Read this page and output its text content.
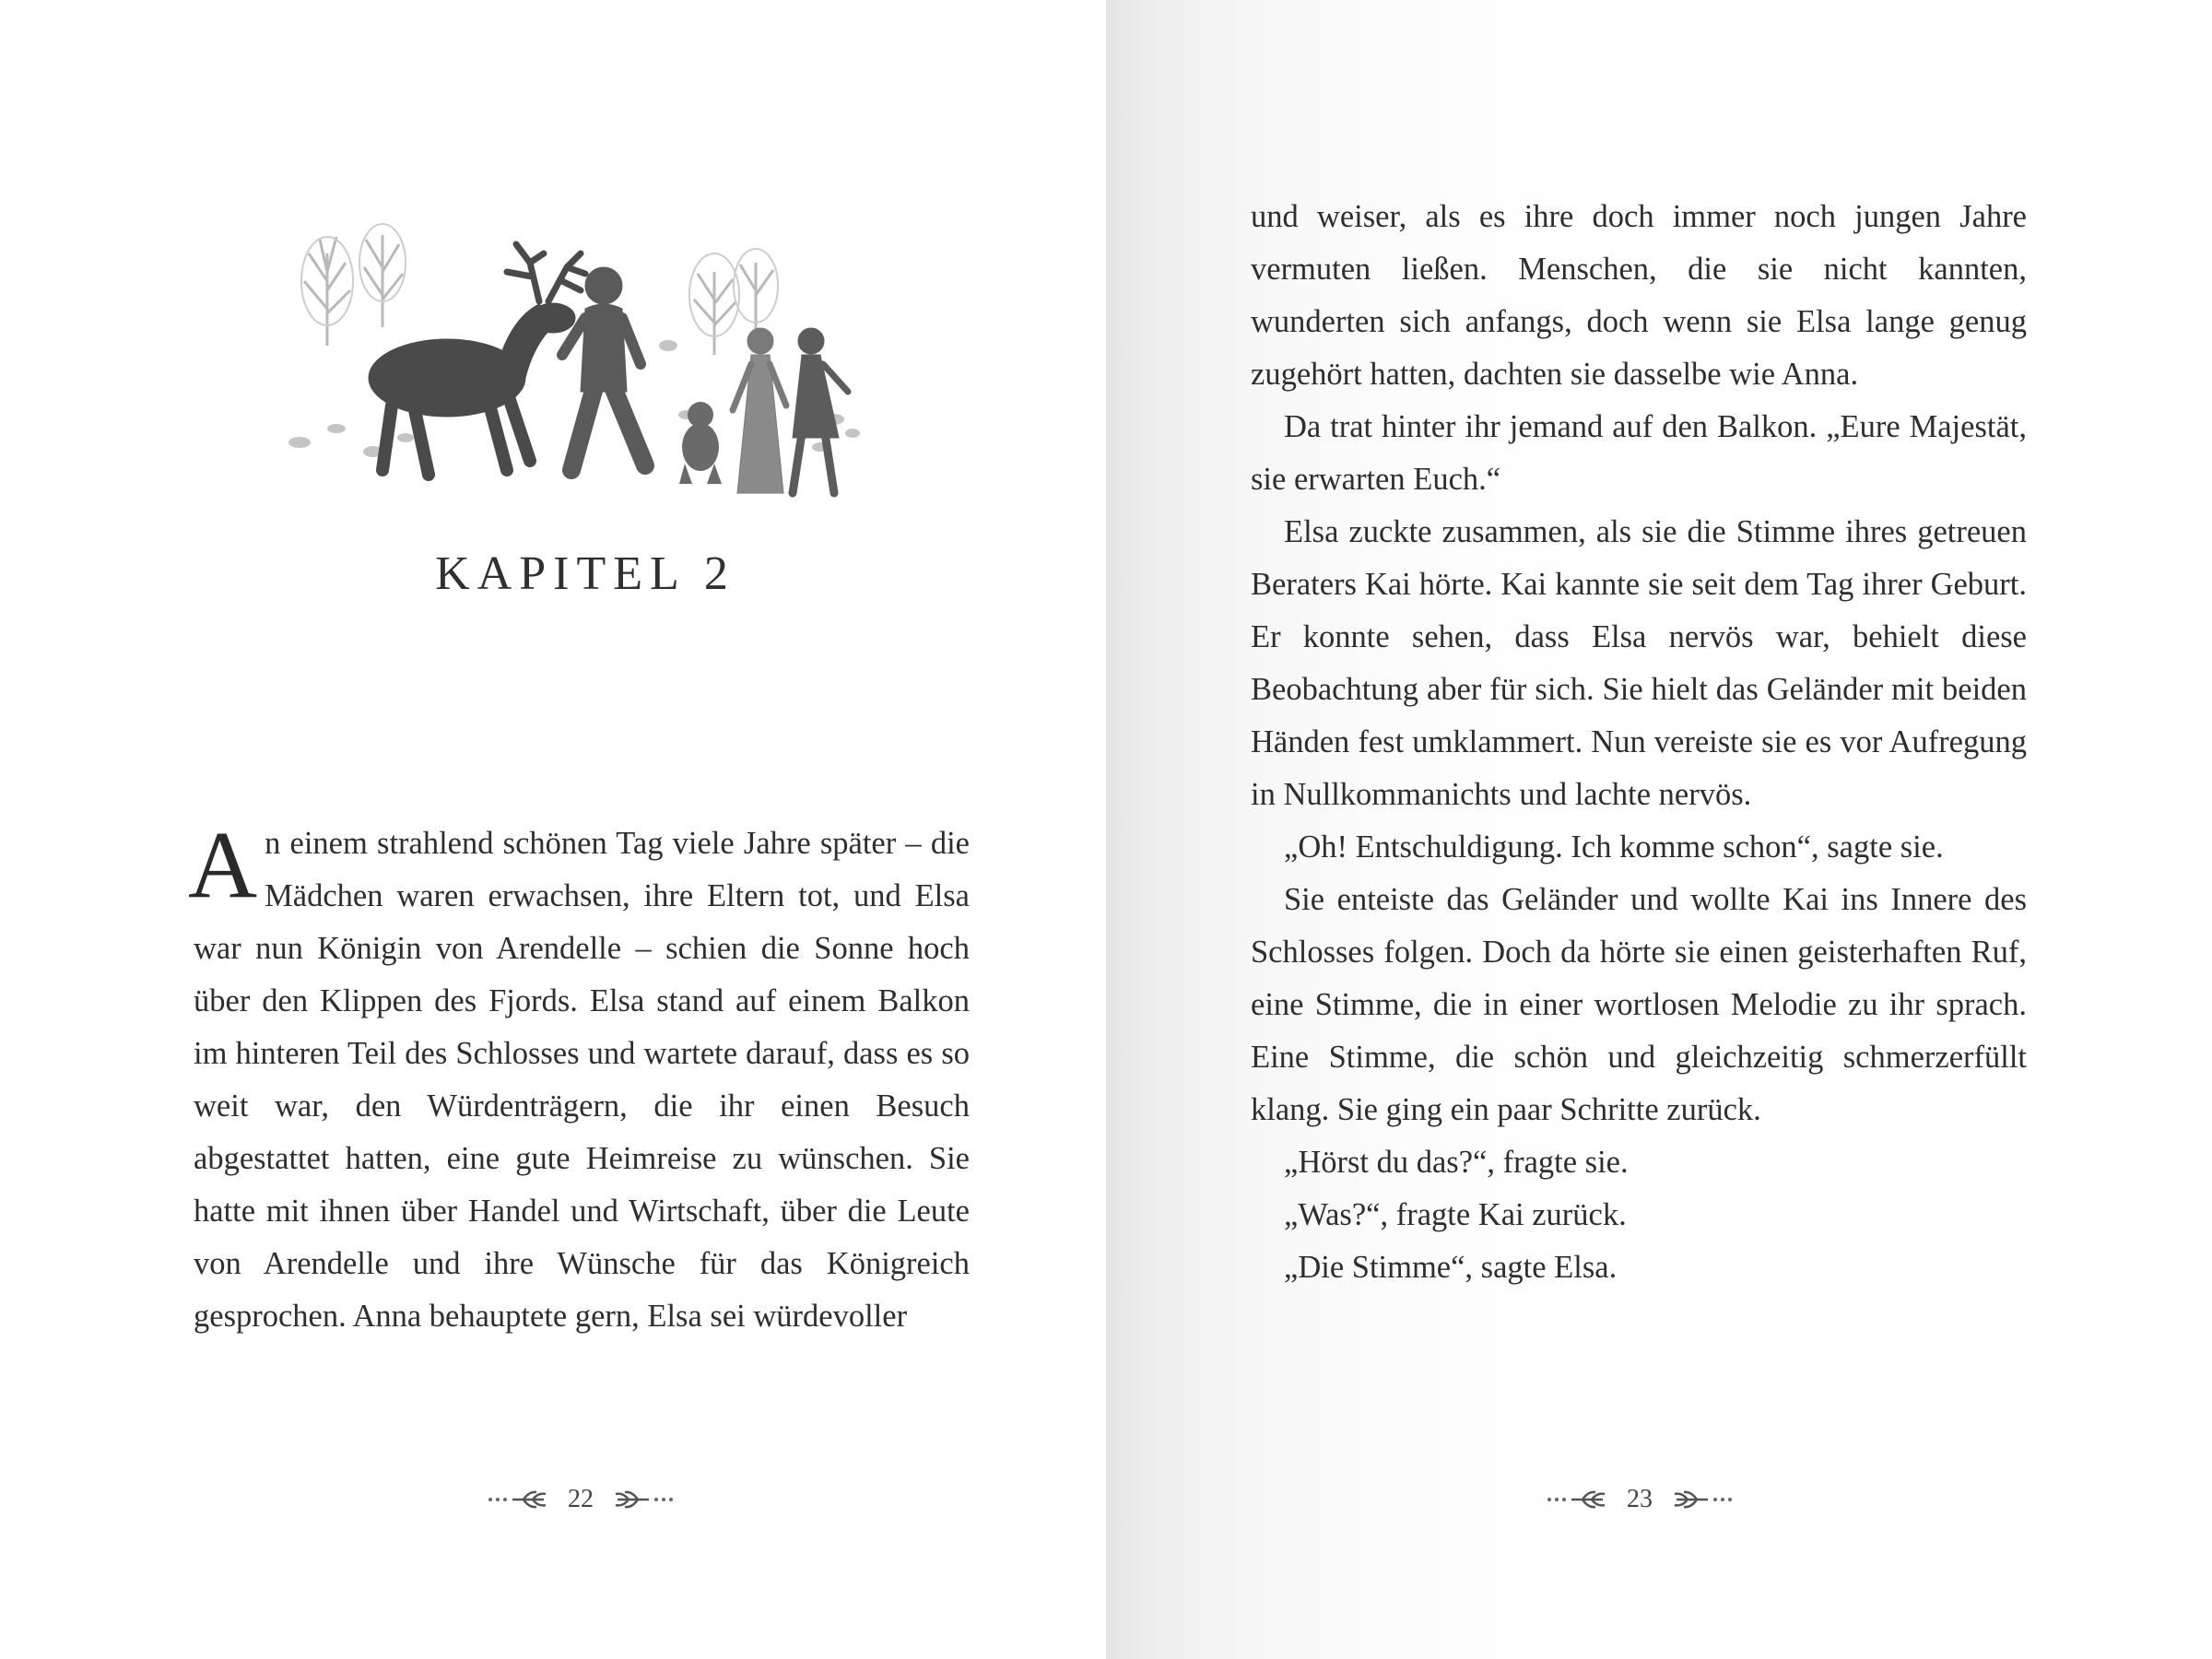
KAPITEL 2

An einem strahlend schönen Tag viele Jahre später – die Mädchen waren erwachsen, ihre Eltern tot, und Elsa war nun Königin von Arendelle – schien die Sonne hoch über den Klippen des Fjords. Elsa stand auf einem Balkon im hinteren Teil des Schlosses und wartete darauf, dass es so weit war, den Würdenträgern, die ihr einen Besuch abgestattet hatten, eine gute Heimreise zu wünschen. Sie hatte mit ihnen über Handel und Wirtschaft, über die Leute von Arendelle und ihre Wünsche für das Königreich gesprochen. Anna behauptete gern, Elsa sei würdevoller

22

und weiser, als es ihre doch immer noch jungen Jahre vermuten ließen. Menschen, die sie nicht kannten, wunderten sich anfangs, doch wenn sie Elsa lange genug zugehört hatten, dachten sie dasselbe wie Anna.

Da trat hinter ihr jemand auf den Balkon. „Eure Majestät, sie erwarten Euch.“

Elsa zuckte zusammen, als sie die Stimme ihres getreuen Beraters Kai hörte. Kai kannte sie seit dem Tag ihrer Geburt. Er konnte sehen, dass Elsa nervös war, behielt diese Beobachtung aber für sich. Sie hielt das Geländer mit beiden Händen fest umklammert. Nun vereiste sie es vor Aufregung in Nullkommanichts und lachte nervös.

„Oh! Entschuldigung. Ich komme schon“, sagte sie.

Sie enteiste das Geländer und wollte Kai ins Innere des Schlosses folgen. Doch da hörte sie einen geisterhaften Ruf, eine Stimme, die in einer wortlosen Melodie zu ihr sprach. Eine Stimme, die schön und gleichzeitig schmerzerfüllt klang. Sie ging ein paar Schritte zurück.

„Hörst du das?“, fragte sie.

„Was?“, fragte Kai zurück.

„Die Stimme“, sagte Elsa.

23
